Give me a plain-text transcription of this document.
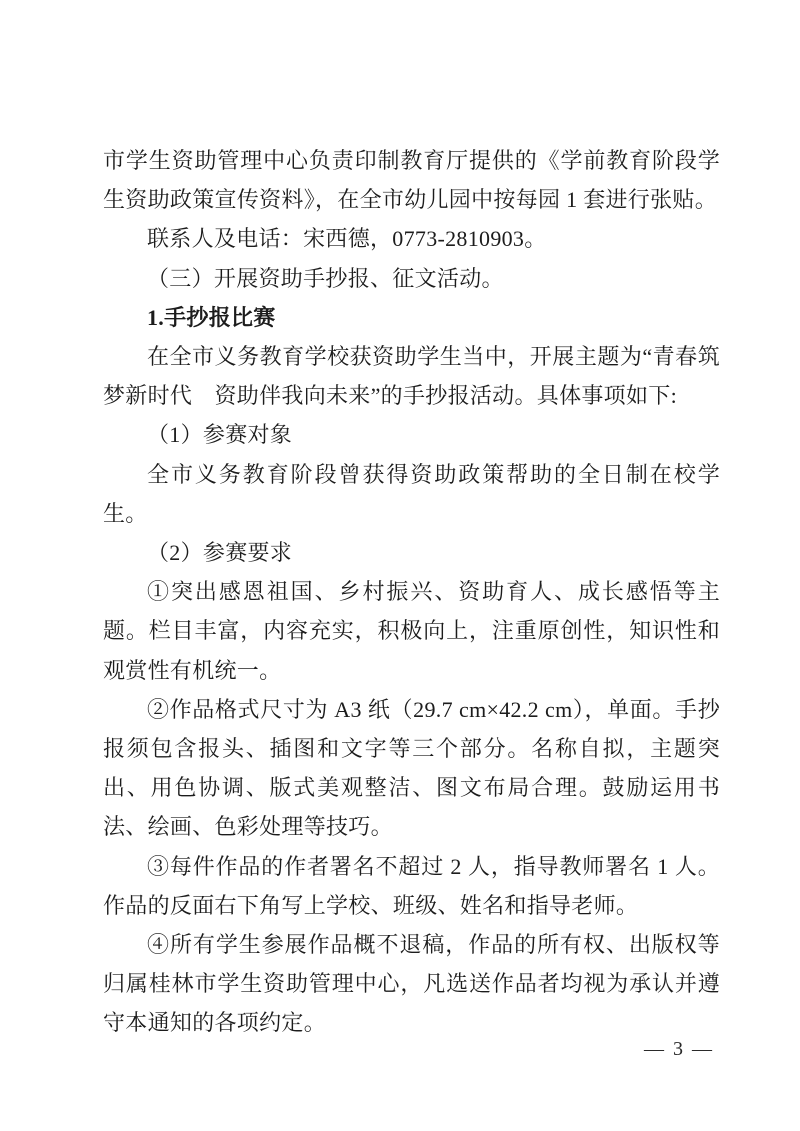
市学生资助管理中心负责印制教育厅提供的《学前教育阶段学生资助政策宣传资料》，在全市幼儿园中按每园 1 套进行张贴。

联系人及电话：宋西德，0773-2810903。

（三）开展资助手抄报、征文活动。

1.手抄报比赛

在全市义务教育学校获资助学生当中，开展主题为“青春筑梦新时代　资助伴我向未来”的手抄报活动。具体事项如下:

（1）参赛对象

全市义务教育阶段曾获得资助政策帮助的全日制在校学生。

（2）参赛要求

①突出感恩祖国、乡村振兴、资助育人、成长感悟等主题。栏目丰富，内容充实，积极向上，注重原创性，知识性和观赏性有机统一。

②作品格式尺寸为 A3 纸（29.7 cm×42.2 cm），单面。手抄报须包含报头、插图和文字等三个部分。名称自拟，主题突出、用色协调、版式美观整洁、图文布局合理。鼓励运用书法、绘画、色彩处理等技巧。

③每件作品的作者署名不超过 2 人，指导教师署名 1 人。作品的反面右下角写上学校、班级、姓名和指导老师。

④所有学生参展作品概不退稿，作品的所有权、出版权等归属桂林市学生资助管理中心，凡选送作品者均视为承认并遵守本通知的各项约定。

— 3 —
